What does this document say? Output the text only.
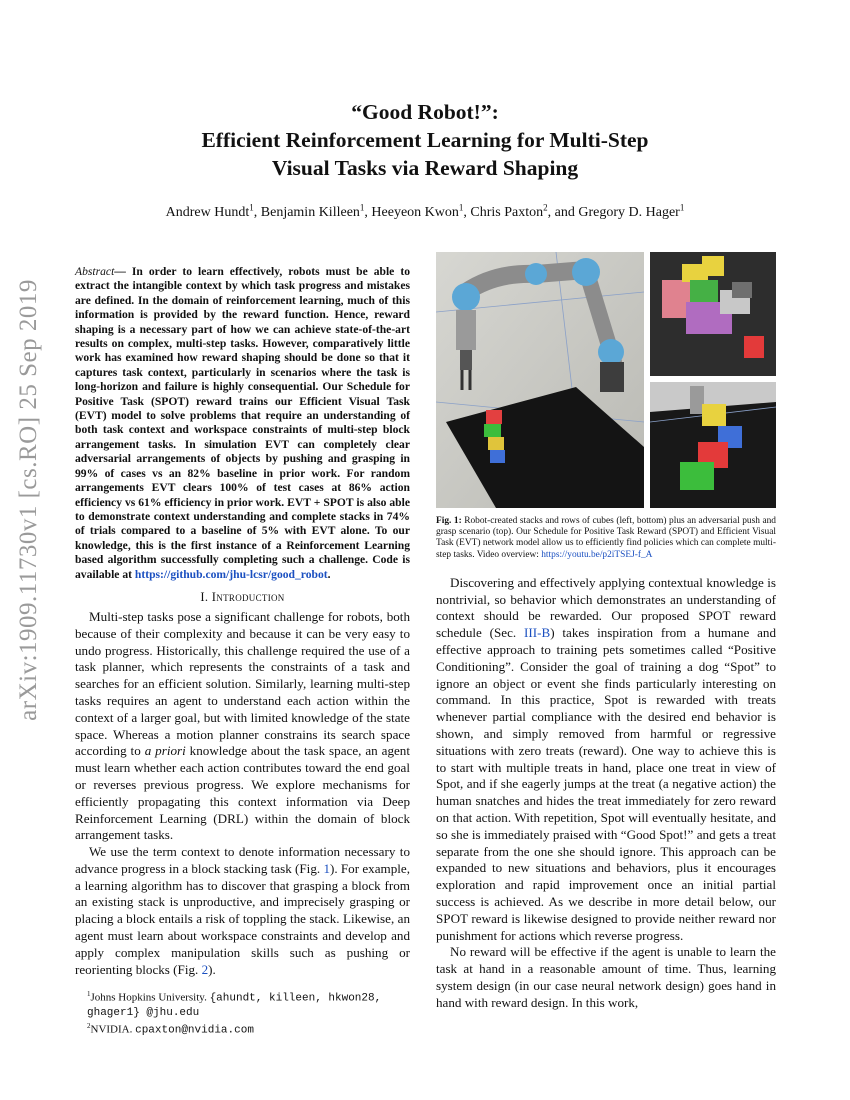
arXiv:1909.11730v1 [cs.RO] 25 Sep 2019
“Good Robot!”:
Efficient Reinforcement Learning for Multi-Step
Visual Tasks via Reward Shaping
Andrew Hundt$^1$, Benjamin Killeen$^1$, Heeyeon Kwon$^1$, Chris Paxton$^2$, and Gregory D. Hager$^1$

Abstract— In order to learn effectively, robots must be able to extract the intangible context by which task progress and mistakes are defined. In the domain of reinforcement learning, much of this information is provided by the reward function. Hence, reward shaping is a necessary part of how we can achieve state-of-the-art results on complex, multi-step tasks. However, comparatively little work has examined how reward shaping should be done so that it captures task context, particularly in scenarios where the task is long-horizon and failure is highly consequential. Our Schedule for Positive Task (SPOT) reward trains our Efficient Visual Task (EVT) model to solve problems that require an understanding of both task context and workspace constraints of multi-step block arrangement tasks. In simulation EVT can completely clear adversarial arrangements of objects by pushing and grasping in 99% of cases vs an 82% baseline in prior work. For random arrangements EVT clears 100% of test cases at 86% action efficiency vs 61% efficiency in prior work. EVT + SPOT is also able to demonstrate context understanding and complete stacks in 74% of trials compared to a baseline of 5% with EVT alone. To our knowledge, this is the first instance of a Reinforcement Learning based algorithm successfully completing such a challenge. Code is available at https://github.com/jhu-lcsr/good_robot.

I. Introduction

Multi-step tasks pose a significant challenge for robots, both because of their complexity and because it can be very easy to undo progress. Historically, this challenge required the use of a task planner, which represents the constraints of a task and searches for an efficient solution. Similarly, learning multi-step tasks requires an agent to understand each action within the context of a larger goal, but with limited knowledge of the state space. Whereas a motion planner constrains its search space according to a priori knowledge about the task space, an agent must learn whether each action contributes toward the end goal or reverses previous progress. We explore mechanisms for efficiently propagating this context information via Deep Reinforcement Learning (DRL) within the domain of block arrangement tasks.

We use the term context to denote information necessary to advance progress in a block stacking task (Fig. 1). For example, a learning algorithm has to discover that grasping a block from an existing stack is unproductive, and imprecisely grasping or placing a block entails a risk of toppling the stack. Likewise, an agent must learn about workspace constraints and develop and apply complex manipulation skills such as pushing or reorienting blocks (Fig. 2).

$^1$Johns Hopkins University. {ahundt, killeen, hkwon28, ghager1} @jhu.edu
$^2$NVIDIA. cpaxton@nvidia.com
Fig. 1: Robot-created stacks and rows of cubes (left, bottom) plus an adversarial push and grasp scenario (top). Our Schedule for Positive Task Reward (SPOT) and Efficient Visual Task (EVT) network model allow us to efficiently find policies which can complete multi-step tasks. Video overview: https://youtu.be/p2iTSEJ-f_A

Discovering and effectively applying contextual knowledge is nontrivial, so behavior which demonstrates an understanding of context should be rewarded. Our proposed SPOT reward schedule (Sec. III-B) takes inspiration from a humane and effective approach to training pets sometimes called “Positive Conditioning”. Consider the goal of training a dog “Spot” to ignore an object or event she finds particularly interesting on command. In this practice, Spot is rewarded with treats whenever partial compliance with the desired end behavior is shown, and simply removed from harmful or regressive situations with zero treats (reward). One way to achieve this is to start with multiple treats in hand, place one treat in view of Spot, and if she eagerly jumps at the treat (a negative action) the human snatches and hides the treat immediately for zero reward on that action. With repetition, Spot will eventually hesitate, and so she is immediately praised with “Good Spot!” and gets a treat separate from the one she should ignore. This approach can be expanded to new situations and behaviors, plus it encourages exploration and rapid improvement once an initial partial success is achieved. As we describe in more detail below, our SPOT reward is likewise designed to provide neither reward nor punishment for actions which reverse progress.

No reward will be effective if the agent is unable to learn the task at hand in a reasonable amount of time. Thus, learning system design (in our case neural network design) goes hand in hand with reward design. In this work,
